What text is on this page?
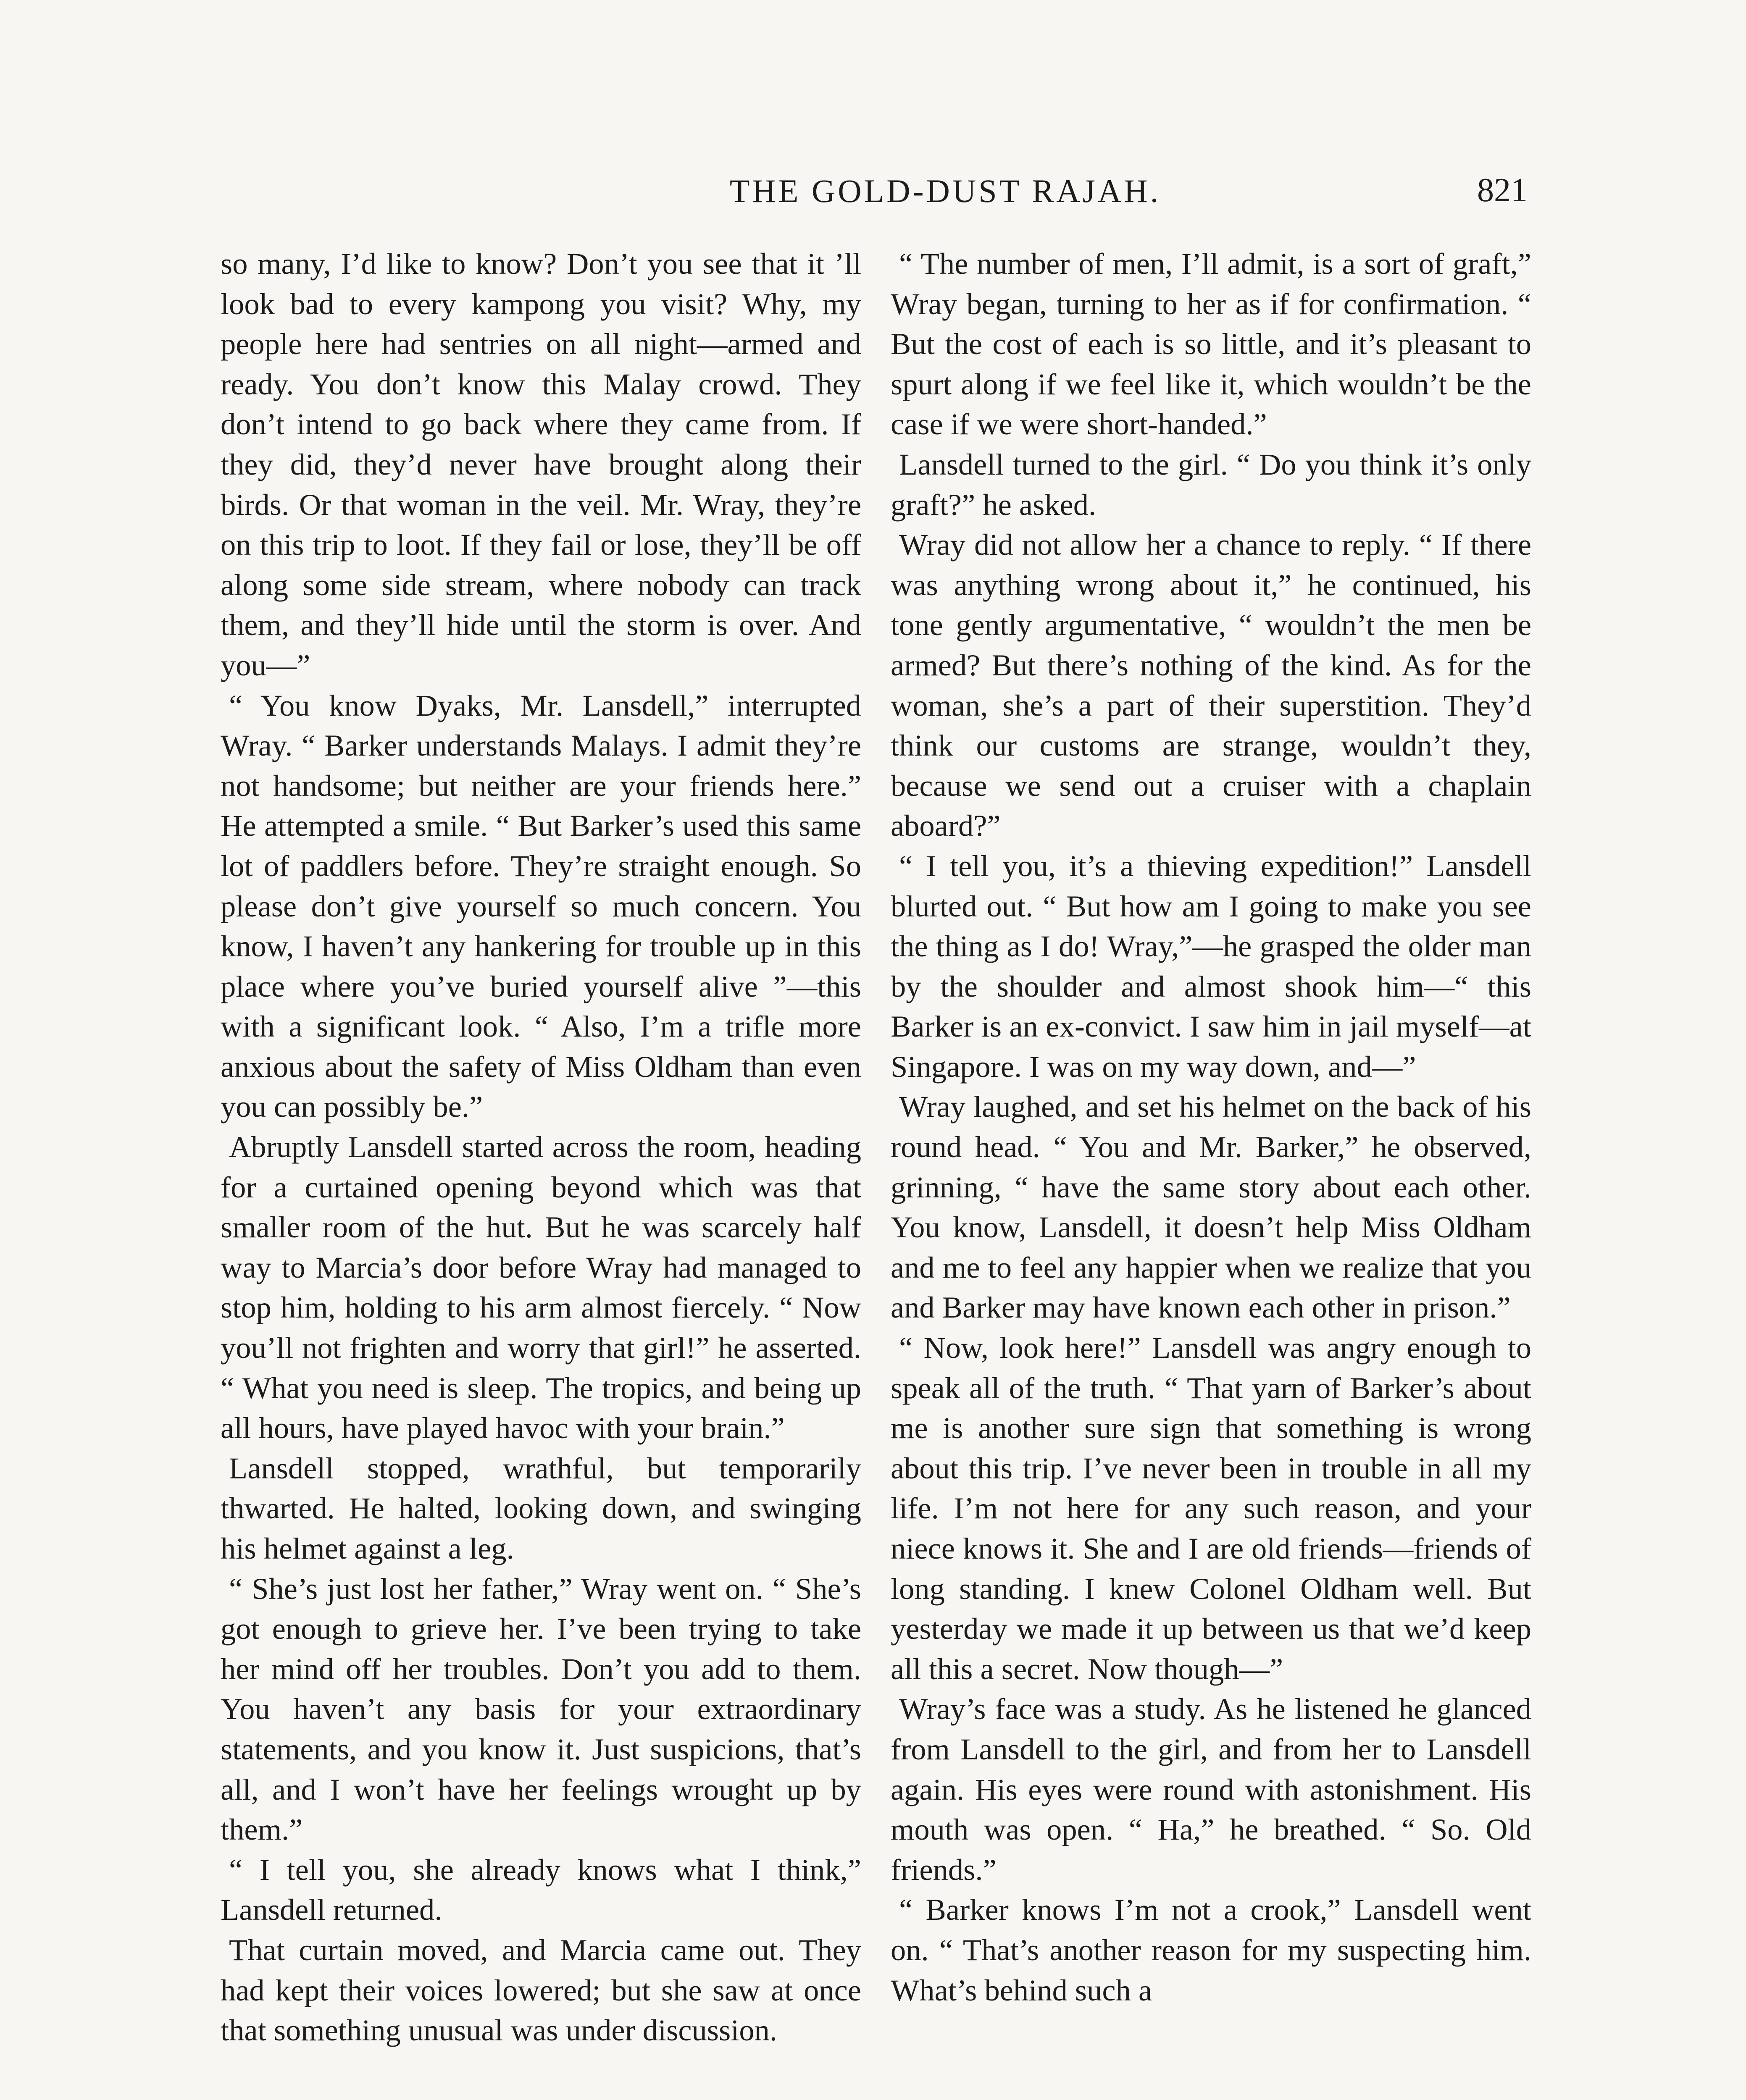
THE GOLD-DUST RAJAH.	821

so many, I’d like to know? Don’t you see that it ’ll look bad to every kampong you visit? Why, my people here had sentries on all night—armed and ready. You don’t know this Malay crowd. They don’t intend to go back where they came from. If they did, they’d never have brought along their birds. Or that woman in the veil. Mr. Wray, they’re on this trip to loot. If they fail or lose, they’ll be off along some side stream, where nobody can track them, and they’ll hide until the storm is over. And you—”

“ You know Dyaks, Mr. Lansdell,” interrupted Wray. “ Barker understands Malays. I admit they’re not handsome; but neither are your friends here.” He attempted a smile. “ But Barker’s used this same lot of paddlers before. They’re straight enough. So please don’t give yourself so much concern. You know, I haven’t any hankering for trouble up in this place where you’ve buried yourself alive ”—this with a significant look. “ Also, I’m a trifle more anxious about the safety of Miss Oldham than even you can possibly be.”

Abruptly Lansdell started across the room, heading for a curtained opening beyond which was that smaller room of the hut. But he was scarcely half way to Marcia’s door before Wray had managed to stop him, holding to his arm almost fiercely. “ Now you’ll not frighten and worry that girl!” he asserted. “ What you need is sleep. The tropics, and being up all hours, have played havoc with your brain.”

Lansdell stopped, wrathful, but temporarily thwarted. He halted, looking down, and swinging his helmet against a leg.

“ She’s just lost her father,” Wray went on. “ She’s got enough to grieve her. I’ve been trying to take her mind off her troubles. Don’t you add to them. You haven’t any basis for your extraordinary statements, and you know it. Just suspicions, that’s all, and I won’t have her feelings wrought up by them.”

“ I tell you, she already knows what I think,” Lansdell returned.

That curtain moved, and Marcia came out. They had kept their voices lowered; but she saw at once that something unusual was under discussion.

“ The number of men, I’ll admit, is a sort of graft,” Wray began, turning to her as if for confirmation. “ But the cost of each is so little, and it’s pleasant to spurt along if we feel like it, which wouldn’t be the case if we were short-handed.”

Lansdell turned to the girl. “ Do you think it’s only graft?” he asked.

Wray did not allow her a chance to reply. “ If there was anything wrong about it,” he continued, his tone gently argumentative, “ wouldn’t the men be armed? But there’s nothing of the kind. As for the woman, she’s a part of their superstition. They’d think our customs are strange, wouldn’t they, because we send out a cruiser with a chaplain aboard?”

“ I tell you, it’s a thieving expedition!” Lansdell blurted out. “ But how am I going to make you see the thing as I do! Wray,”—he grasped the older man by the shoulder and almost shook him—“ this Barker is an ex-convict. I saw him in jail myself—at Singapore. I was on my way down, and—”

Wray laughed, and set his helmet on the back of his round head. “ You and Mr. Barker,” he observed, grinning, “ have the same story about each other. You know, Lansdell, it doesn’t help Miss Oldham and me to feel any happier when we realize that you and Barker may have known each other in prison.”

“ Now, look here!” Lansdell was angry enough to speak all of the truth. “ That yarn of Barker’s about me is another sure sign that something is wrong about this trip. I’ve never been in trouble in all my life. I’m not here for any such reason, and your niece knows it. She and I are old friends—friends of long standing. I knew Colonel Oldham well. But yesterday we made it up between us that we’d keep all this a secret. Now though—”

Wray’s face was a study. As he listened he glanced from Lansdell to the girl, and from her to Lansdell again. His eyes were round with astonishment. His mouth was open. “ Ha,” he breathed. “ So. Old friends.”

“ Barker knows I’m not a crook,” Lansdell went on. “ That’s another reason for my suspecting him. What’s behind such a
